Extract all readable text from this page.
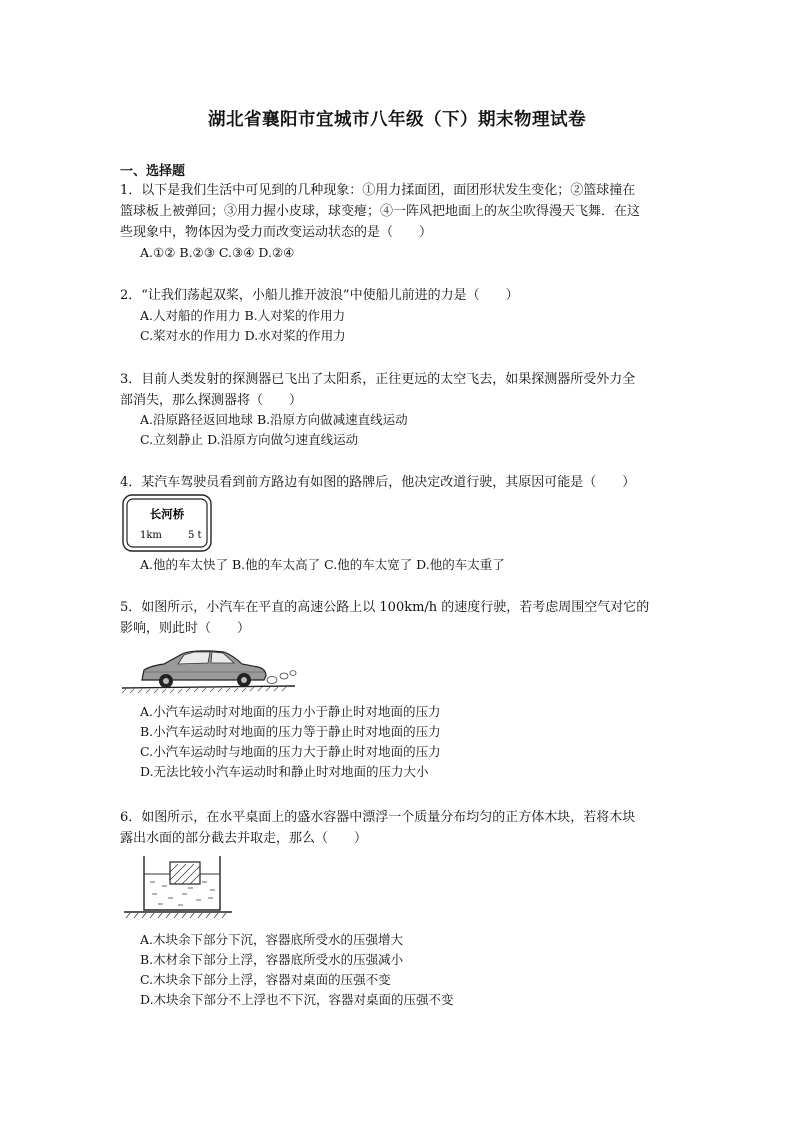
湖北省襄阳市宜城市八年级（下）期末物理试卷
一、选择题

1．以下是我们生活中可见到的几种现象：①用力揉面团，面团形状发生变化；②篮球撞在

篮球板上被弹回；③用力握小皮球，球变瘪；④一阵风把地面上的灰尘吹得漫天飞舞．在这

些现象中，物体因为受力而改变运动状态的是（　　）

A.①② B.②③ C.③④ D.②④

2．“让我们荡起双桨，小船儿推开波浪”中使船儿前进的力是（　　）

A.人对船的作用力 B.人对桨的作用力

C.桨对水的作用力 D.水对桨的作用力

3．目前人类发射的探测器已飞出了太阳系，正往更远的太空飞去，如果探测器所受外力全

部消失，那么探测器将（　　）

A.沿原路径返回地球 B.沿原方向做减速直线运动

C.立刻静止 D.沿原方向做匀速直线运动

4．某汽车驾驶员看到前方路边有如图的路牌后，他决定改道行驶，其原因可能是（　　）

长河桥
1km	5 t

A.他的车太快了 B.他的车太高了 C.他的车太宽了 D.他的车太重了

5．如图所示，小汽车在平直的高速公路上以 100km/h 的速度行驶，若考虑周围空气对它的

影响，则此时（　　）

A.小汽车运动时对地面的压力小于静止时对地面的压力

B.小汽车运动时对地面的压力等于静止时对地面的压力

C.小汽车运动时与地面的压力大于静止时对地面的压力

D.无法比较小汽车运动时和静止时对地面的压力大小

6．如图所示，在水平桌面上的盛水容器中漂浮一个质量分布均匀的正方体木块，若将木块

露出水面的部分截去并取走，那么（　　）

A.木块余下部分下沉，容器底所受水的压强增大

B.木材余下部分上浮，容器底所受水的压强减小

C.木块余下部分上浮，容器对桌面的压强不变

D.木块余下部分不上浮也不下沉，容器对桌面的压强不变
